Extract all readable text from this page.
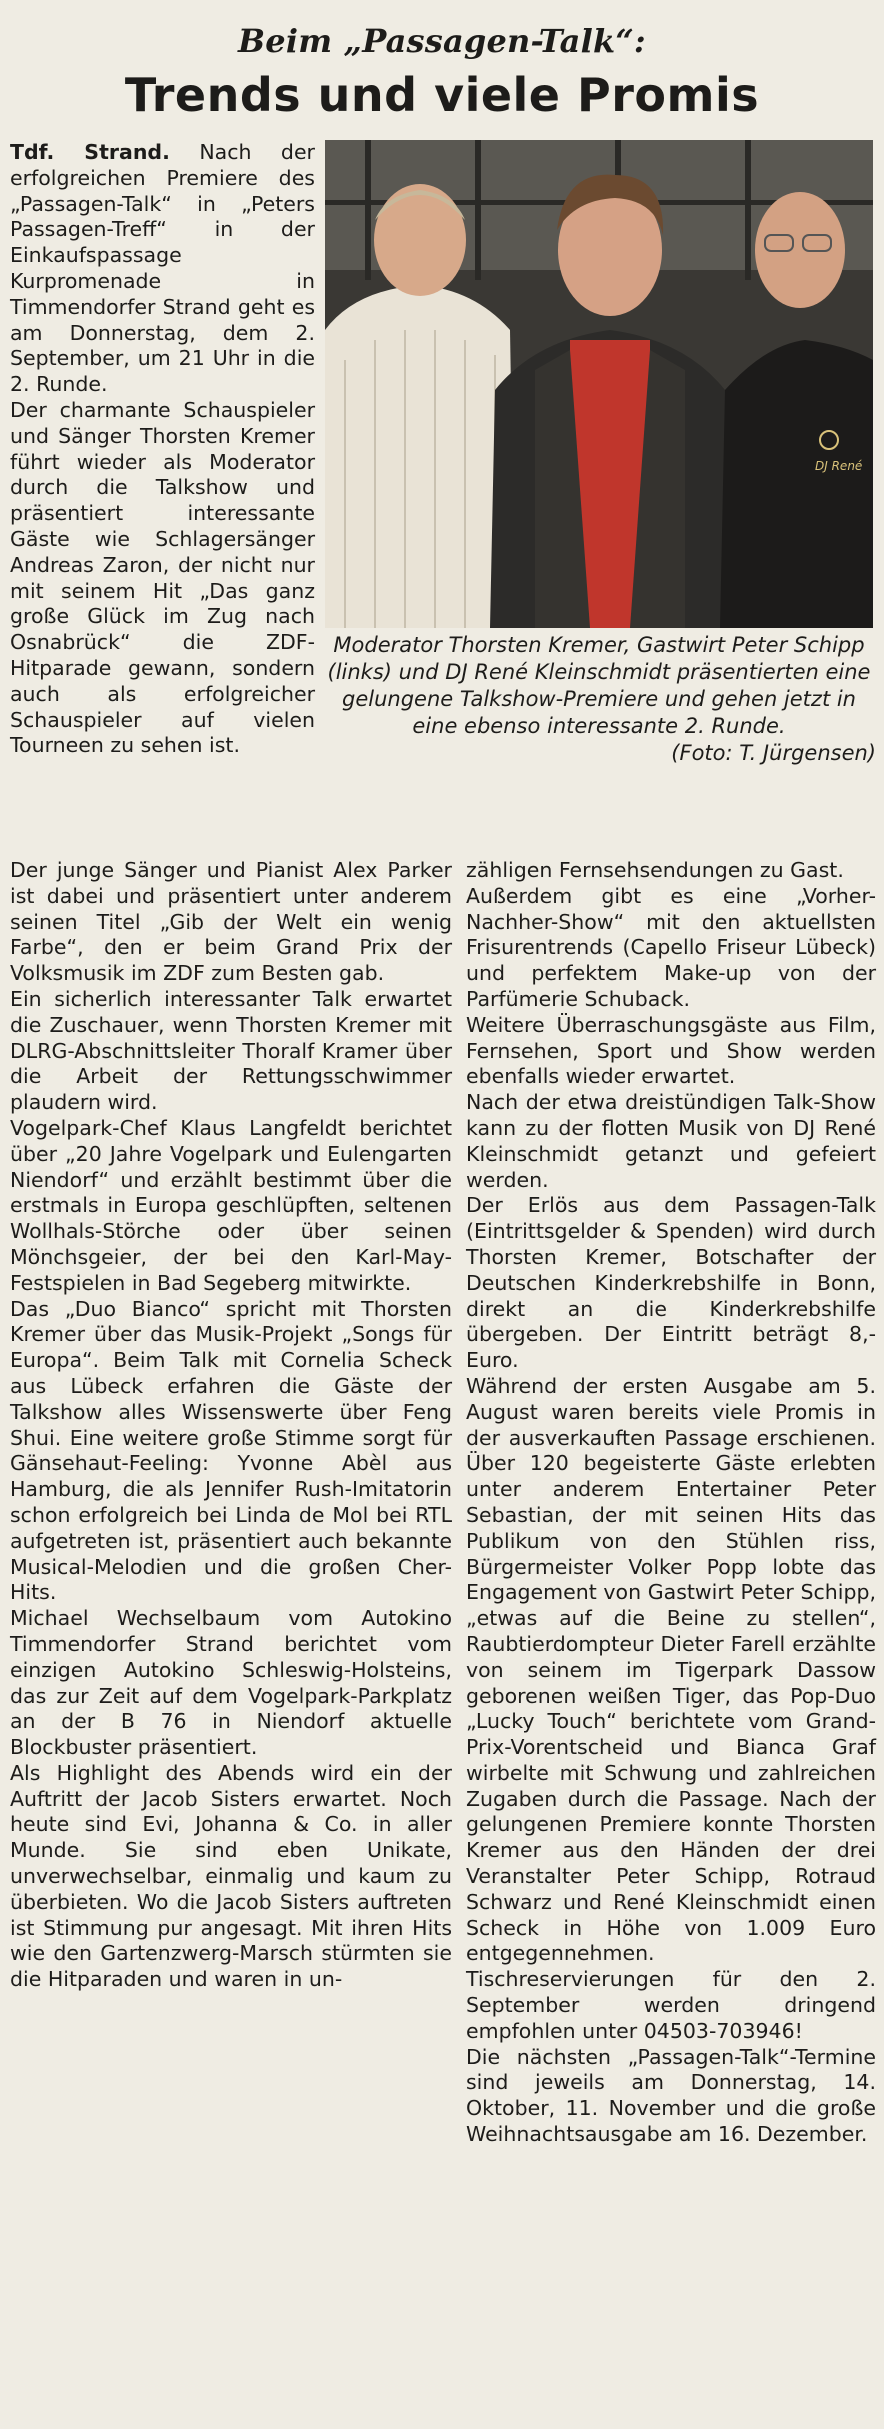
Beim „Passagen-Talk“:
Trends und viele Promis

Tdf. Strand. Nach der erfolgreichen Premiere des „Passagen-Talk“ in „Peters Passagen-Treff“ in der Einkaufspassage Kurpromenade in Timmendorfer Strand geht es am Donnerstag, dem 2. September, um 21 Uhr in die 2. Runde.

Der charmante Schauspieler und Sänger Thorsten Kremer führt wieder als Moderator durch die Talkshow und präsentiert interessante Gäste wie Schlagersänger Andreas Zaron, der nicht nur mit seinem Hit „Das ganz große Glück im Zug nach Osnabrück“ die ZDF-Hitparade gewann, sondern auch als erfolgreicher Schauspieler auf vielen Tourneen zu sehen ist.

DJ René
Moderator Thorsten Kremer, Gastwirt Peter Schipp (links) und DJ René Kleinschmidt präsentierten eine gelungene Talkshow-Premiere und gehen jetzt in eine ebenso interessante 2. Runde.
(Foto: T. Jürgensen)

Der junge Sänger und Pianist Alex Parker ist dabei und präsentiert unter anderem seinen Titel „Gib der Welt ein wenig Farbe“, den er beim Grand Prix der Volksmusik im ZDF zum Besten gab.

Ein sicherlich interessanter Talk erwartet die Zuschauer, wenn Thorsten Kremer mit DLRG-Abschnittsleiter Thoralf Kramer über die Arbeit der Rettungsschwimmer plaudern wird.

Vogelpark-Chef Klaus Langfeldt berichtet über „20 Jahre Vogelpark und Eulengarten Niendorf“ und erzählt bestimmt über die erstmals in Europa geschlüpften, seltenen Wollhals-Störche oder über seinen Mönchsgeier, der bei den Karl-May-Festspielen in Bad Segeberg mitwirkte.

Das „Duo Bianco“ spricht mit Thorsten Kremer über das Musik-Projekt „Songs für Europa“. Beim Talk mit Cornelia Scheck aus Lübeck erfahren die Gäste der Talkshow alles Wissenswerte über Feng Shui. Eine weitere große Stimme sorgt für Gänsehaut-Feeling: Yvonne Abèl aus Hamburg, die als Jennifer Rush-Imitatorin schon erfolgreich bei Linda de Mol bei RTL aufgetreten ist, präsentiert auch bekannte Musical-Melodien und die großen Cher-Hits.

Michael Wechselbaum vom Autokino Timmendorfer Strand berichtet vom einzigen Autokino Schleswig-Holsteins, das zur Zeit auf dem Vogelpark-Parkplatz an der B 76 in Niendorf aktuelle Blockbuster präsentiert.

Als Highlight des Abends wird ein der Auftritt der Jacob Sisters erwartet. Noch heute sind Evi, Johanna & Co. in aller Munde. Sie sind eben Unikate, unverwechselbar, einmalig und kaum zu überbieten. Wo die Jacob Sisters auftreten ist Stimmung pur angesagt. Mit ihren Hits wie den Gartenzwerg-Marsch stürmten sie die Hitparaden und waren in un-

zähligen Fernsehsendungen zu Gast.

Außerdem gibt es eine „Vorher-Nachher-Show“ mit den aktuellsten Frisurentrends (Capello Friseur Lübeck) und perfektem Make-up von der Parfümerie Schuback.

Weitere Überraschungsgäste aus Film, Fernsehen, Sport und Show werden ebenfalls wieder erwartet.

Nach der etwa dreistündigen Talk-Show kann zu der flotten Musik von DJ René Kleinschmidt getanzt und gefeiert werden.

Der Erlös aus dem Passagen-Talk (Eintrittsgelder & Spenden) wird durch Thorsten Kremer, Botschafter der Deutschen Kinderkrebshilfe in Bonn, direkt an die Kinderkrebshilfe übergeben. Der Eintritt beträgt 8,- Euro.

Während der ersten Ausgabe am 5. August waren bereits viele Promis in der ausverkauften Passage erschienen. Über 120 begeisterte Gäste erlebten unter anderem Entertainer Peter Sebastian, der mit seinen Hits das Publikum von den Stühlen riss, Bürgermeister Volker Popp lobte das Engagement von Gastwirt Peter Schipp, „etwas auf die Beine zu stellen“, Raubtierdompteur Dieter Farell erzählte von seinem im Tigerpark Dassow geborenen weißen Tiger, das Pop-Duo „Lucky Touch“ berichtete vom Grand-Prix-Vorentscheid und Bianca Graf wirbelte mit Schwung und zahlreichen Zugaben durch die Passage. Nach der gelungenen Premiere konnte Thorsten Kremer aus den Händen der drei Veranstalter Peter Schipp, Rotraud Schwarz und René Kleinschmidt einen Scheck in Höhe von 1.009 Euro entgegennehmen.

Tischreservierungen für den 2. September werden dringend empfohlen unter 04503-703946!

Die nächsten „Passagen-Talk“-Termine sind jeweils am Donnerstag, 14. Oktober, 11. November und die große Weihnachtsausgabe am 16. Dezember.
